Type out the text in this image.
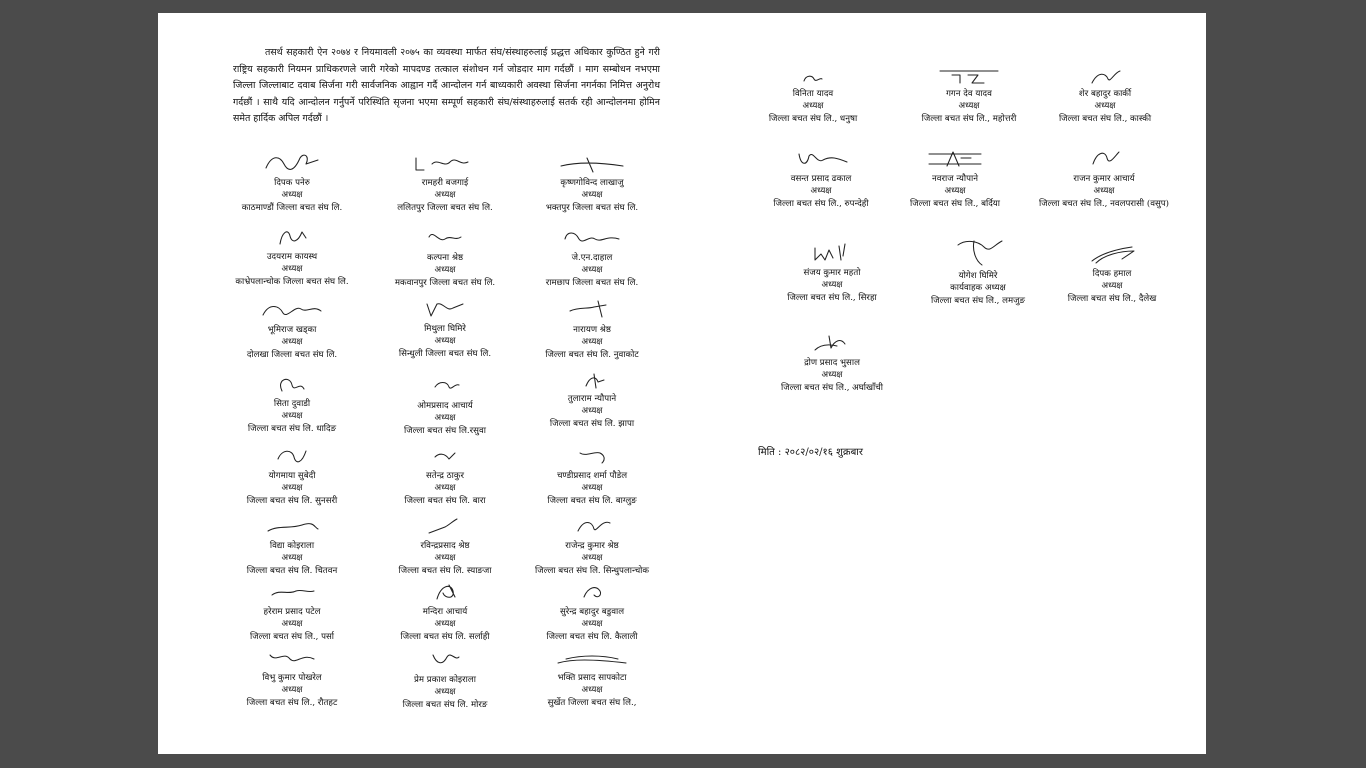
तसर्थ सहकारी ऐन २०७४ र नियमावली २०७५ का व्यवस्था मार्फत संघ/संस्थाहरुलाई प्रद्धत्त अधिकार कुण्ठित हुने गरी राष्ट्रिय सहकारी नियमन प्राधिकरणले जारी गरेको मापदण्ड तत्काल संशोधन गर्न जोडदार माग गर्दछौं । माग सम्बोधन नभएमा जिल्ला जिल्लाबाट दवाब सिर्जना गरी सार्वजनिक आह्वान गर्दै आन्दोलन गर्न बाध्यकारी अवस्था सिर्जना नगर्नका निमित्त अनुरोध गर्दछौं । साथै यदि आन्दोलन गर्नुपर्ने परिस्थिति सृजना भएमा सम्पूर्ण सहकारी संघ/संस्थाहरुलाई सतर्क रही आन्दोलनमा होमिन समेत हार्दिक अपिल गर्दछौं ।

दिपक पनेरु
अध्यक्ष
काठमाण्डौं जिल्ला बचत संघ लि.
उदयराम कायस्थ
अध्यक्ष
काभ्रेपलान्चोक जिल्ला बचत संघ लि.
भूमिराज खड्का
अध्यक्ष
दोलखा जिल्ला बचत संघ लि.
सिता दुवाडी
अध्यक्ष
जिल्ला बचत संघ लि. धादिङ
योगमाया सुबेदी
अध्यक्ष
जिल्ला बचत संघ लि. सुनसरी
विद्या कोइराला
अध्यक्ष
जिल्ला बचत संघ लि. चितवन
हरेराम प्रसाद पटेल
अध्यक्ष
जिल्ला बचत संघ लि., पर्सा
विभु कुमार पोखरेल
अध्यक्ष
जिल्ला बचत संघ लि., रौतहट
रामहरी बजगाई
अध्यक्ष
ललितपुर जिल्ला बचत संघ लि.
कल्पना श्रेष्ठ
अध्यक्ष
मकवानपुर जिल्ला बचत संघ लि.
मिथुला घिमिरे
अध्यक्ष
सिन्धुली जिल्ला बचत संघ लि.
ओमप्रसाद आचार्य
अध्यक्ष
जिल्ला बचत संघ लि.रसुवा
सतेन्द्र ठाकुर
अध्यक्ष
जिल्ला बचत संघ लि. बारा
रविन्द्रप्रसाद श्रेष्ठ
अध्यक्ष
जिल्ला बचत संघ लि. स्याङजा
मन्दिरा आचार्य
अध्यक्ष
जिल्ला बचत संघ लि. सर्लाही
प्रेम प्रकाश कोइराला
अध्यक्ष
जिल्ला बचत संघ लि. मोरङ
कृष्णगोविन्द लाखाजु
अध्यक्ष
भक्तपुर जिल्ला बचत संघ लि.
जे.एन.दाहाल
अध्यक्ष
रामछाप जिल्ला बचत संघ लि.
नारायण श्रेष्ठ
अध्यक्ष
जिल्ला बचत संघ लि. नुवाकोट
तुलाराम न्यौपाने
अध्यक्ष
जिल्ला बचत संघ लि. झापा
चण्डीप्रसाद शर्मा पौडेल
अध्यक्ष
जिल्ला बचत संघ लि. बाग्लुङ
राजेन्द्र कुमार श्रेष्ठ
अध्यक्ष
जिल्ला बचत संघ लि. सिन्धुपलान्चोक
सुरेन्द्र बहादुर बडुवाल
अध्यक्ष
जिल्ला बचत संघ लि. कैलाली
भक्ति प्रसाद सापकोटा
अध्यक्ष
सुर्खेत जिल्ला बचत संघ लि.,
विनिता यादव
अध्यक्ष
जिल्ला बचत संघ लि., धनुषा
गगन देव यादव
अध्यक्ष
जिल्ला बचत संघ लि., महोत्तरी
शेर बहादुर कार्की
अध्यक्ष
जिल्ला बचत संघ लि., कास्की
वसन्त प्रसाद ढकाल
अध्यक्ष
जिल्ला बचत संघ लि., रुपन्देही
नवराज न्यौपाने
अध्यक्ष
जिल्ला बचत संघ लि., बर्दिया
राजन कुमार आचार्य
अध्यक्ष
जिल्ला बचत संघ लि., नवलपरासी (वसुप)
संजय कुमार महतो
अध्यक्ष
जिल्ला बचत संघ लि., सिरहा
योगेश घिमिरे
कार्यवाहक अध्यक्ष
जिल्ला बचत संघ लि., लमजुङ
दिपक हमाल
अध्यक्ष
जिल्ला बचत संघ लि., दैलेख
द्रोण प्रसाद भुसाल
अध्यक्ष
जिल्ला बचत संघ लि., अर्घाखाँची
मिति : २०८२/०२/१६ शुक्रबार
